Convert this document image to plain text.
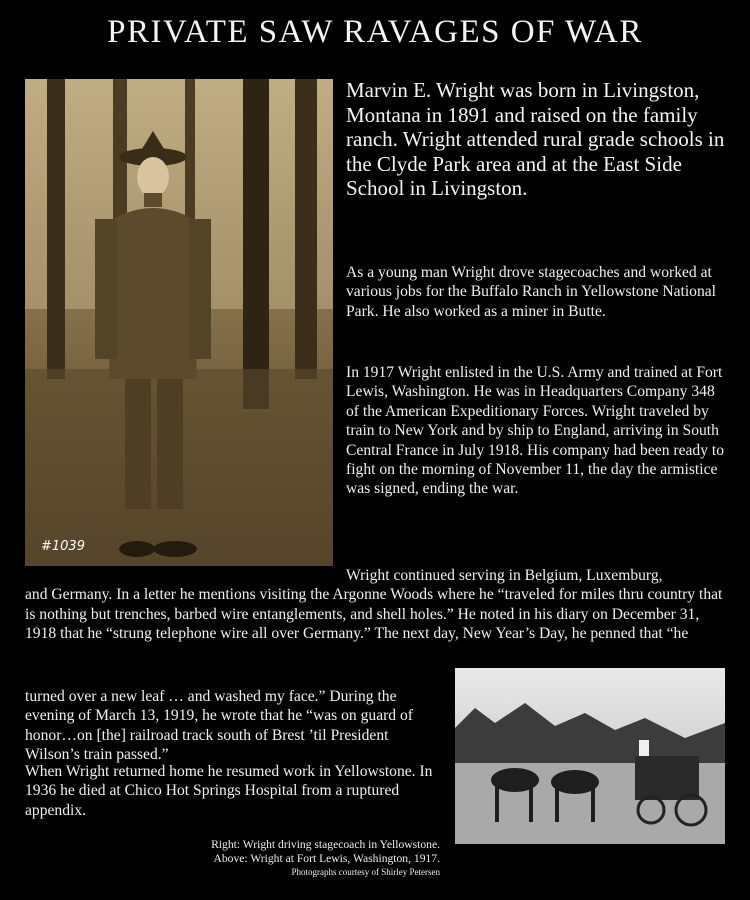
PRIVATE SAW RAVAGES OF WAR
#1039

Marvin E. Wright was born in Livingston, Montana in 1891 and raised on the family ranch. Wright attended rural grade schools in the Clyde Park area and at the East Side School in Livingston.

As a young man Wright drove stagecoaches and worked at various jobs for the Buffalo Ranch in Yellowstone National Park. He also worked as a miner in Butte.

In 1917 Wright enlisted in the U.S. Army and trained at Fort Lewis, Washington. He was in Headquarters Company 348 of the American Expeditionary Forces. Wright traveled by train to New York and by ship to England, arriving in South Central France in July 1918. His company had been ready to fight on the morning of November 11, the day the armistice was signed, ending the war.

Wright continued serving in Belgium, Luxemburg,
and Germany. In a letter he mentions visiting the Argonne Woods where he “traveled for miles thru country that is nothing but trenches, barbed wire entanglements, and shell holes.” He noted in his diary on December 31, 1918 that he “strung telephone wire all over Germany.” The next day, New Year’s Day, he penned that “he

turned over a new leaf … and washed my face.” During the evening of March 13, 1919, he wrote that he “was on guard of honor…on [the] railroad track south of Brest ’til President Wilson’s train passed.”

When Wright returned home he resumed work in Yellowstone. In 1936 he died at Chico Hot Springs Hospital from a ruptured appendix.

Right: Wright driving stagecoach in Yellowstone.
Above: Wright at Fort Lewis, Washington, 1917.
Photographs courtesy of Shirley Petersen
